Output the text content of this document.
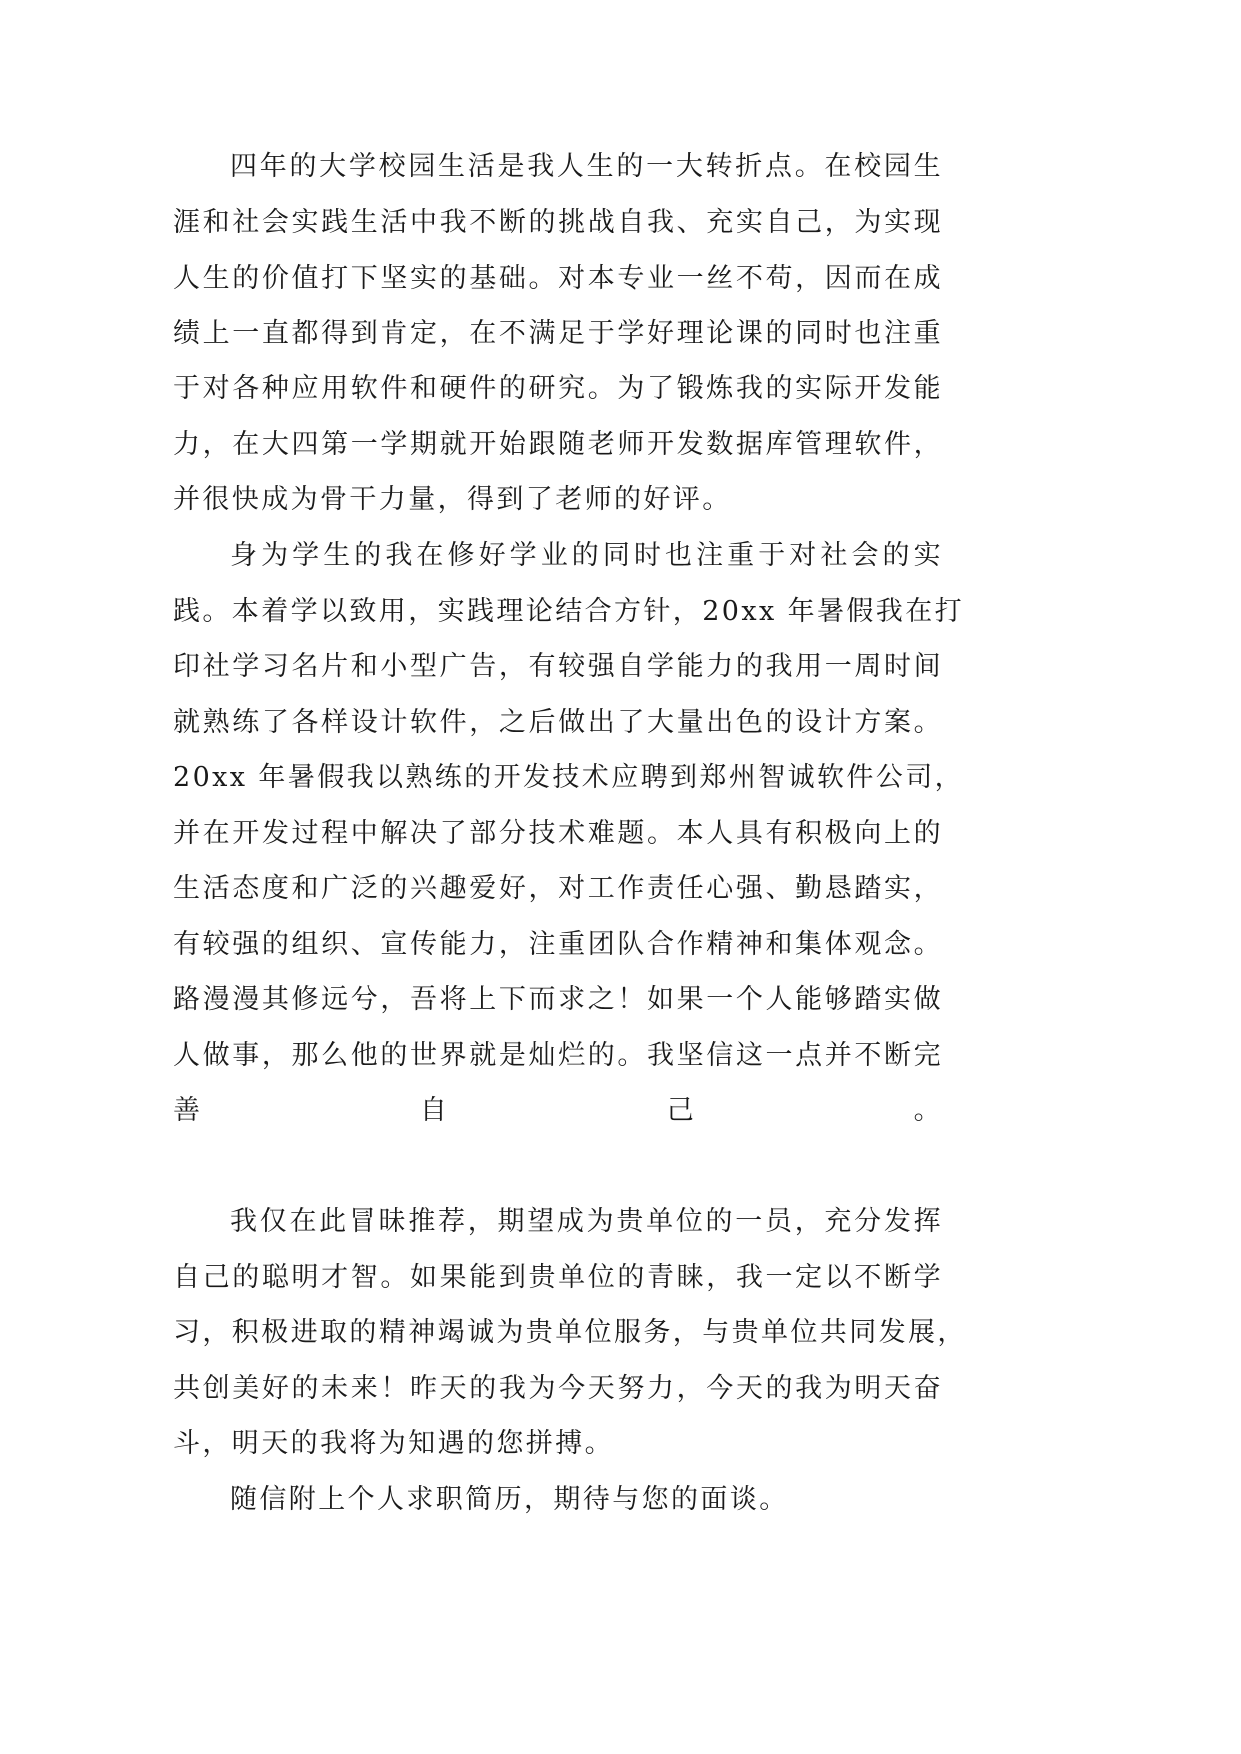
四年的大学校园生活是我人生的一大转折点。在校园生
涯和社会实践生活中我不断的挑战自我、充实自己，为实现
人生的价值打下坚实的基础。对本专业一丝不苟，因而在成
绩上一直都得到肯定，在不满足于学好理论课的同时也注重
于对各种应用软件和硬件的研究。为了锻炼我的实际开发能
力，在大四第一学期就开始跟随老师开发数据库管理软件，
并很快成为骨干力量，得到了老师的好评。
身为学生的我在修好学业的同时也注重于对社会的实
践。本着学以致用，实践理论结合方针，20xx 年暑假我在打
印社学习名片和小型广告，有较强自学能力的我用一周时间
就熟练了各样设计软件，之后做出了大量出色的设计方案。
20xx 年暑假我以熟练的开发技术应聘到郑州智诚软件公司，
并在开发过程中解决了部分技术难题。本人具有积极向上的
生活态度和广泛的兴趣爱好，对工作责任心强、勤恳踏实，
有较强的组织、宣传能力，注重团队合作精神和集体观念。
路漫漫其修远兮，吾将上下而求之！如果一个人能够踏实做
人做事，那么他的世界就是灿烂的。我坚信这一点并不断完
善自己。
我仅在此冒昧推荐，期望成为贵单位的一员，充分发挥
自己的聪明才智。如果能到贵单位的青睐，我一定以不断学
习，积极进取的精神竭诚为贵单位服务，与贵单位共同发展，
共创美好的未来！昨天的我为今天努力，今天的我为明天奋
斗，明天的我将为知遇的您拼搏。
随信附上个人求职简历，期待与您的面谈。
